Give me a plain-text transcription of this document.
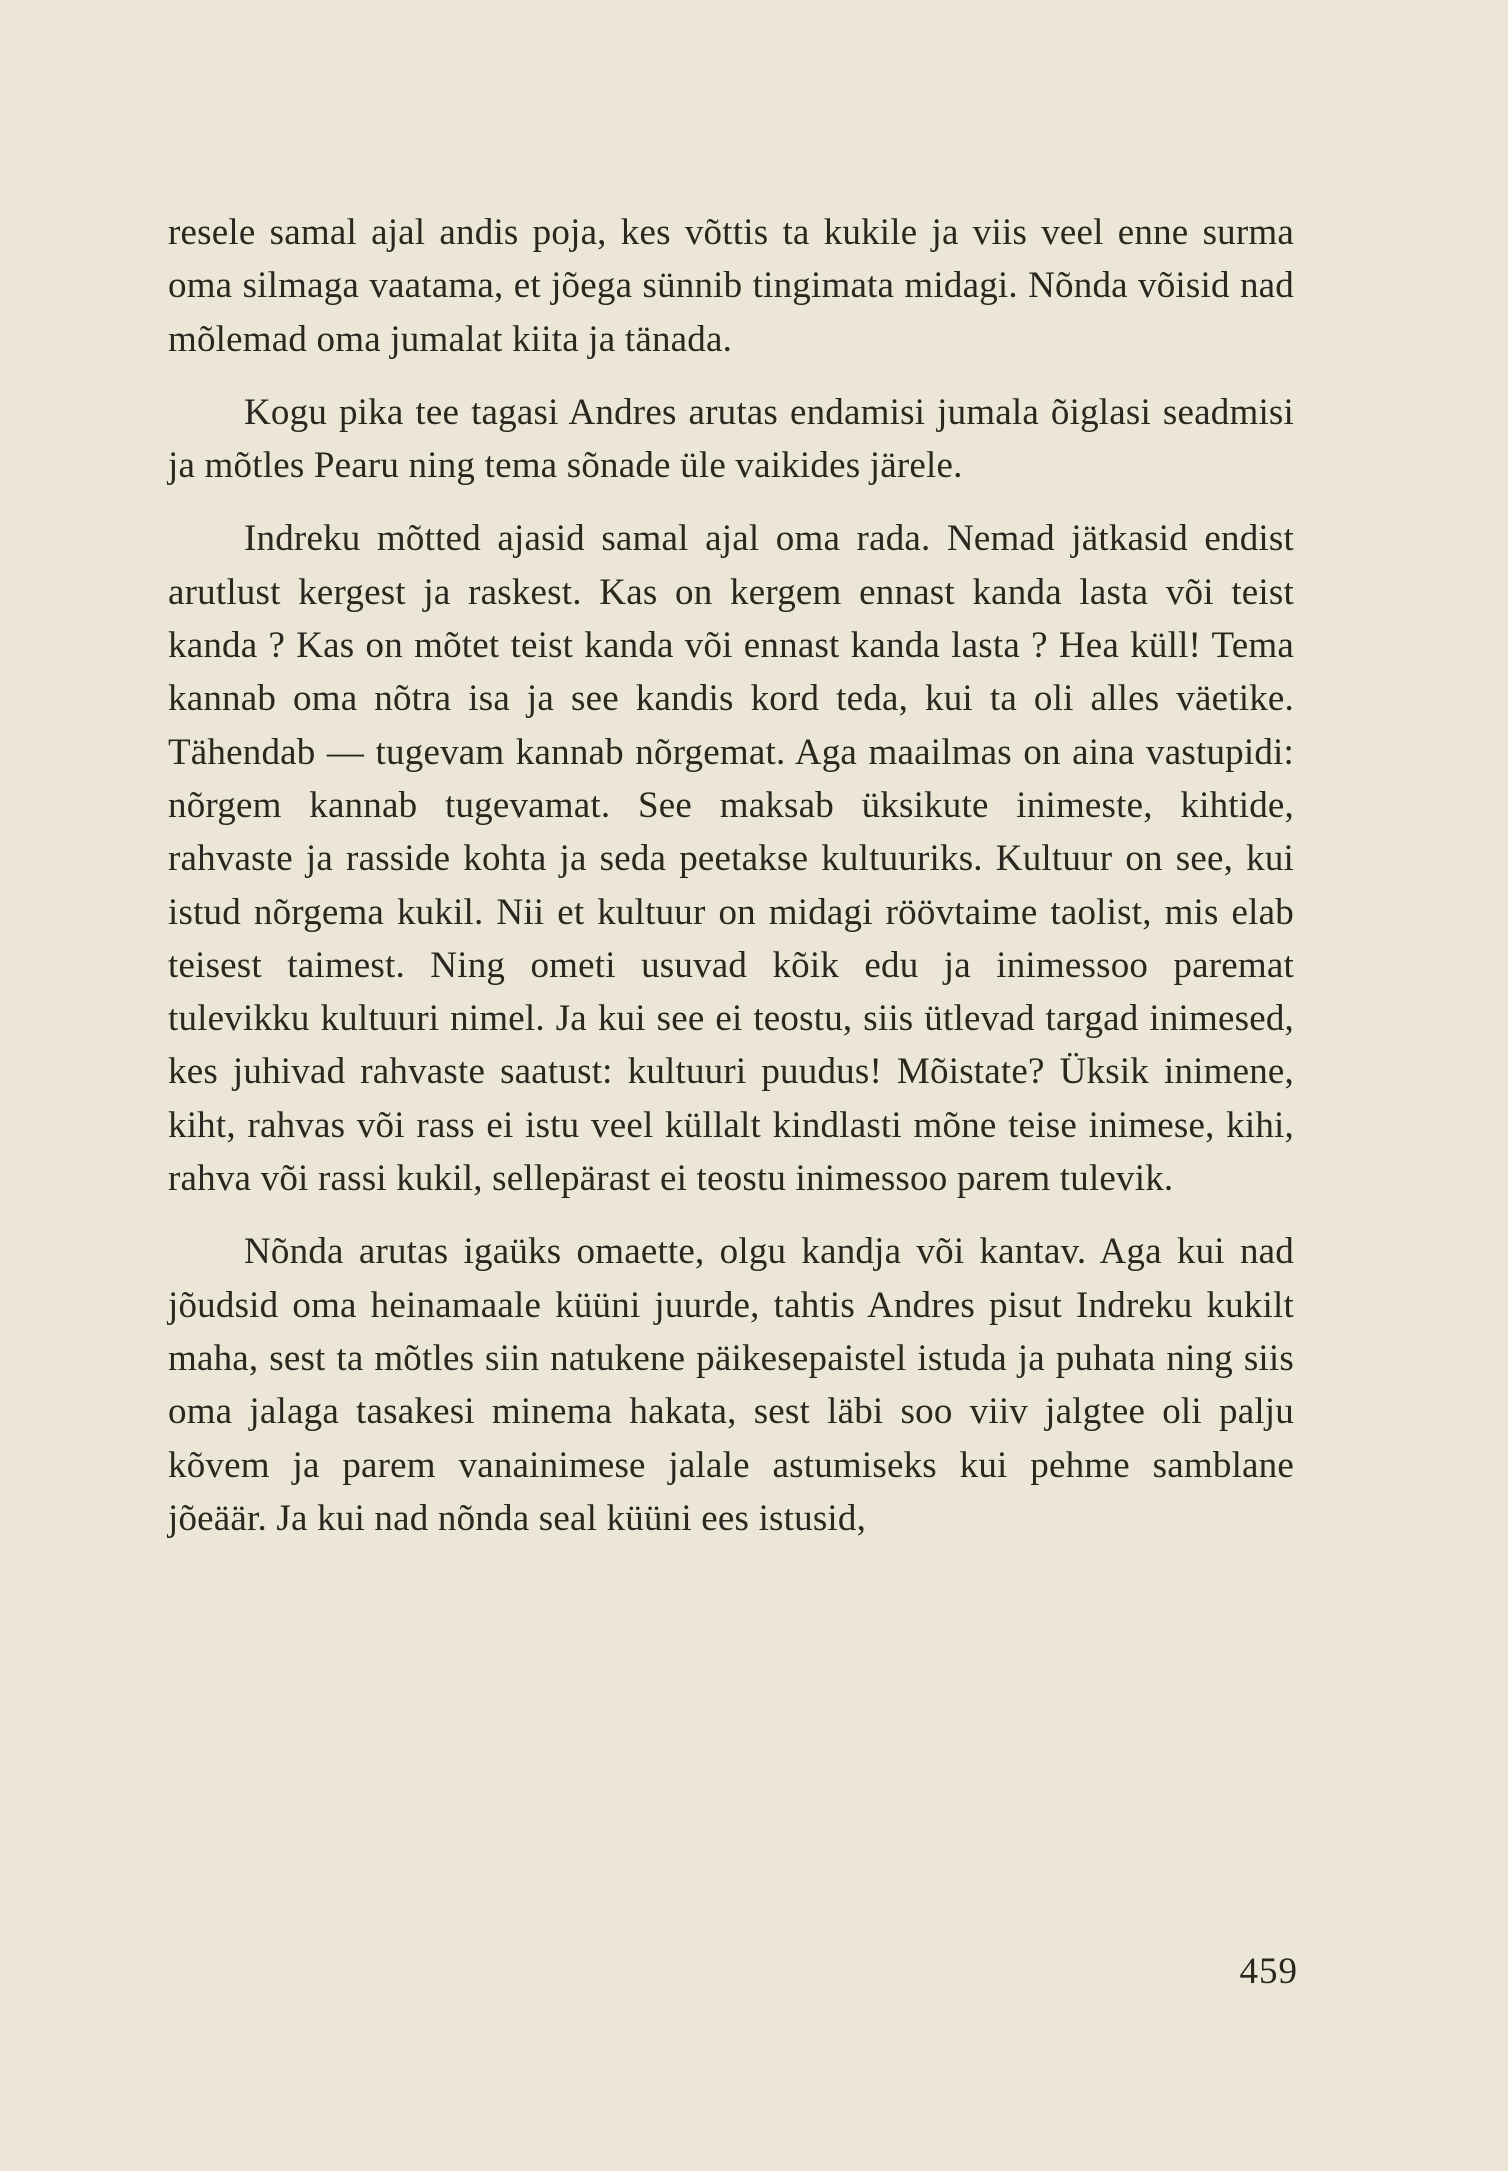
resele samal ajal andis poja, kes võttis ta kukile ja viis veel enne surma oma silmaga vaatama, et jõega sünnib tingimata midagi. Nõnda võisid nad mõlemad oma jumalat kiita ja tänada.

Kogu pika tee tagasi Andres arutas endamisi jumala õiglasi seadmisi ja mõtles Pearu ning tema sõnade üle vaikides järele.

Indreku mõtted ajasid samal ajal oma rada. Nemad jätkasid endist arutlust kergest ja raskest. Kas on kergem ennast kanda lasta või teist kanda ? Kas on mõtet teist kanda või ennast kanda lasta ? Hea küll! Tema kannab oma nõtra isa ja see kandis kord teda, kui ta oli alles väetike. Tähendab — tugevam kannab nõrgemat. Aga maailmas on aina vastupidi: nõrgem kannab tugevamat. See maksab üksikute inimeste, kihtide, rahvaste ja rasside kohta ja seda peetakse kultuuriks. Kultuur on see, kui istud nõrgema kukil. Nii et kultuur on midagi röövtaime taolist, mis elab teisest taimest. Ning ometi usuvad kõik edu ja inimessoo paremat tulevikku kultuuri nimel. Ja kui see ei teostu, siis ütlevad targad inimesed, kes juhivad rahvaste saatust: kultuuri puudus! Mõistate? Üksik inimene, kiht, rahvas või rass ei istu veel küllalt kindlasti mõne teise inimese, kihi, rahva või rassi kukil, sellepärast ei teostu inimessoo parem tulevik.

Nõnda arutas igaüks omaette, olgu kandja või kantav. Aga kui nad jõudsid oma heinamaale küüni juurde, tahtis Andres pisut Indreku kukilt maha, sest ta mõtles siin natukene päikesepaistel istuda ja puhata ning siis oma jalaga tasakesi minema hakata, sest läbi soo viiv jalgtee oli palju kõvem ja parem vanainimese jalale astumiseks kui pehme samblane jõeäär. Ja kui nad nõnda seal küüni ees istusid,

459
